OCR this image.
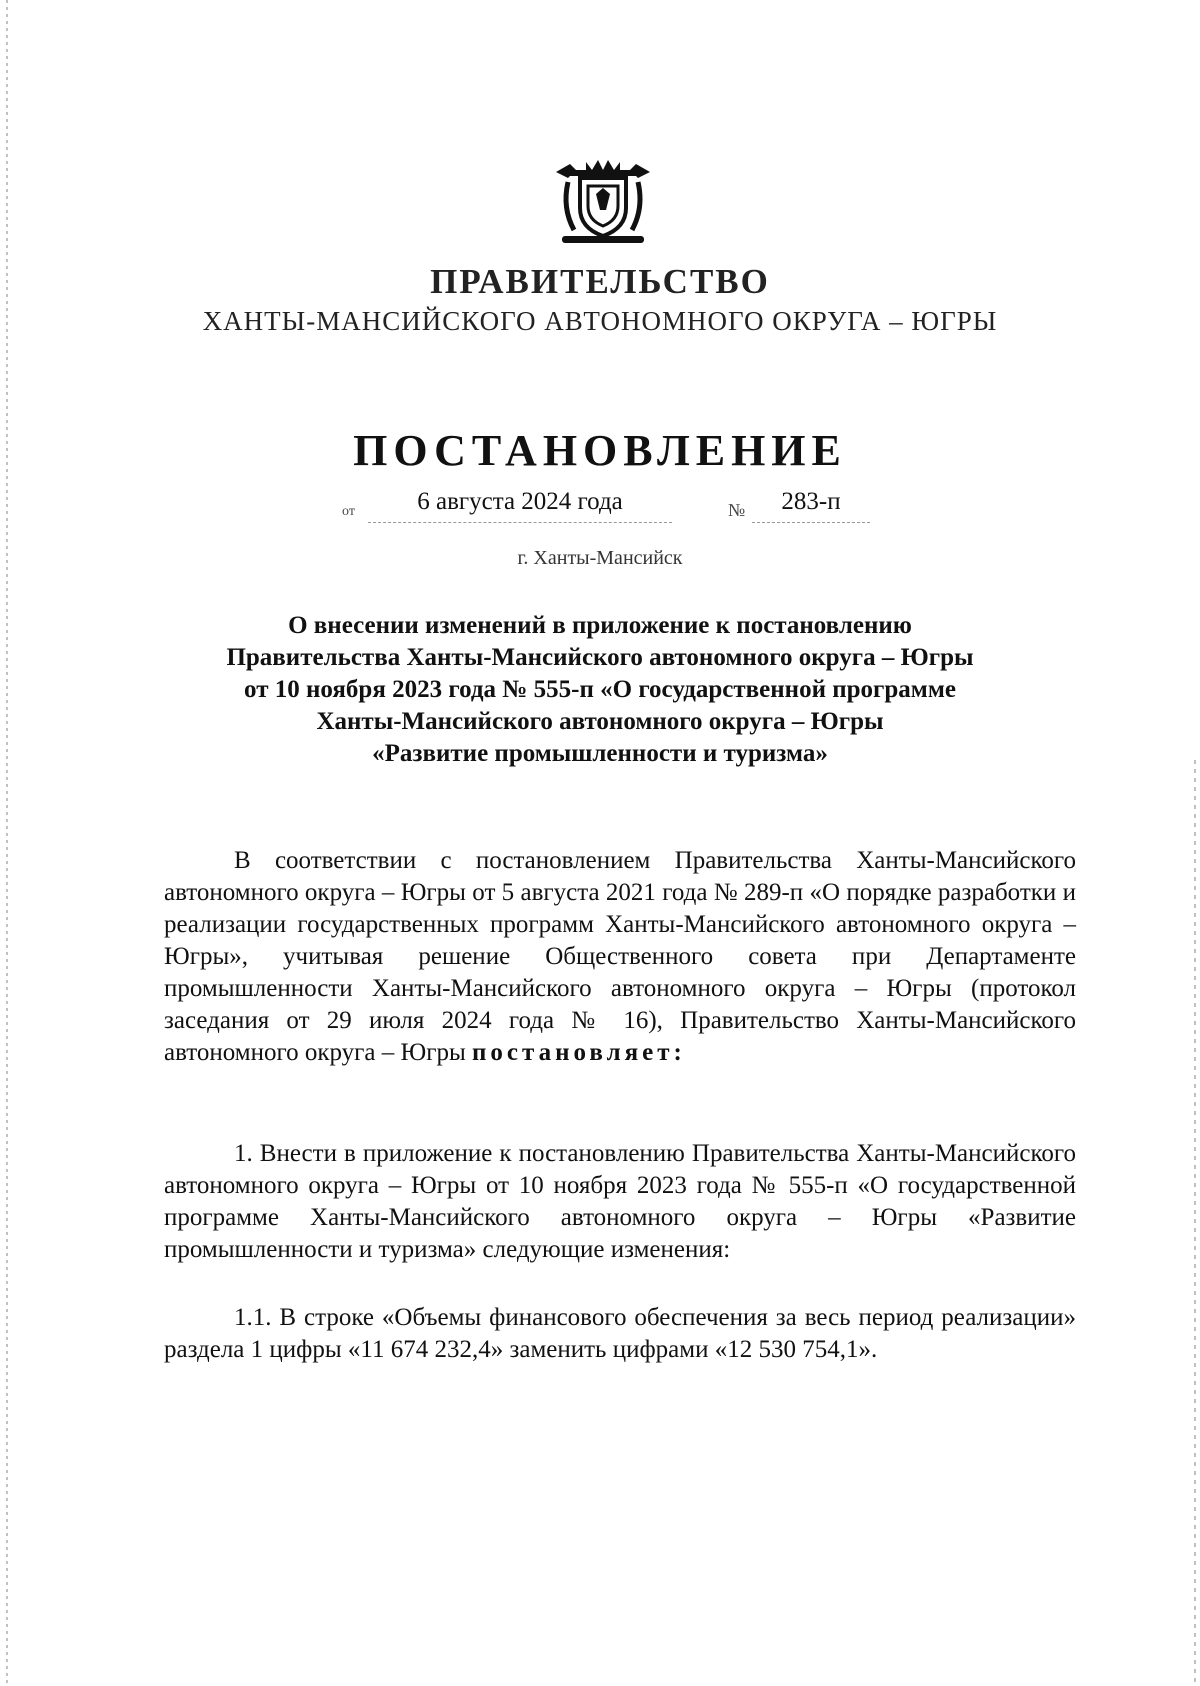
ПРАВИТЕЛЬСТВО
ХАНТЫ-МАНСИЙСКОГО АВТОНОМНОГО ОКРУГА – ЮГРЫ
ПОСТАНОВЛЕНИЕ
от	6 августа 2024 года	№	283-п
г. Ханты-Мансийск
О внесении изменений в приложение к постановлению
Правительства Ханты-Мансийского автономного округа – Югры
от 10 ноября 2023 года № 555-п «О государственной программе
Ханты-Мансийского автономного округа – Югры
«Развитие промышленности и туризма»

В соответствии с постановлением Правительства Ханты-Мансийского автономного округа – Югры от 5 августа 2021 года № 289-п «О порядке разработки и реализации государственных программ Ханты-Мансийского автономного округа – Югры», учитывая решение Общественного совета при Департаменте промышленности Ханты-Мансийского автономного округа – Югры (протокол заседания от 29 июля 2024 года № 16), Правительство Ханты-Мансийского автономного округа – Югры постановляет:

1. Внести в приложение к постановлению Правительства Ханты-Мансийского автономного округа – Югры от 10 ноября 2023 года № 555-п «О государственной программе Ханты-Мансийского автономного округа – Югры «Развитие промышленности и туризма» следующие изменения:

1.1. В строке «Объемы финансового обеспечения за весь период реализации» раздела 1 цифры «11 674 232,4» заменить цифрами «12 530 754,1».
